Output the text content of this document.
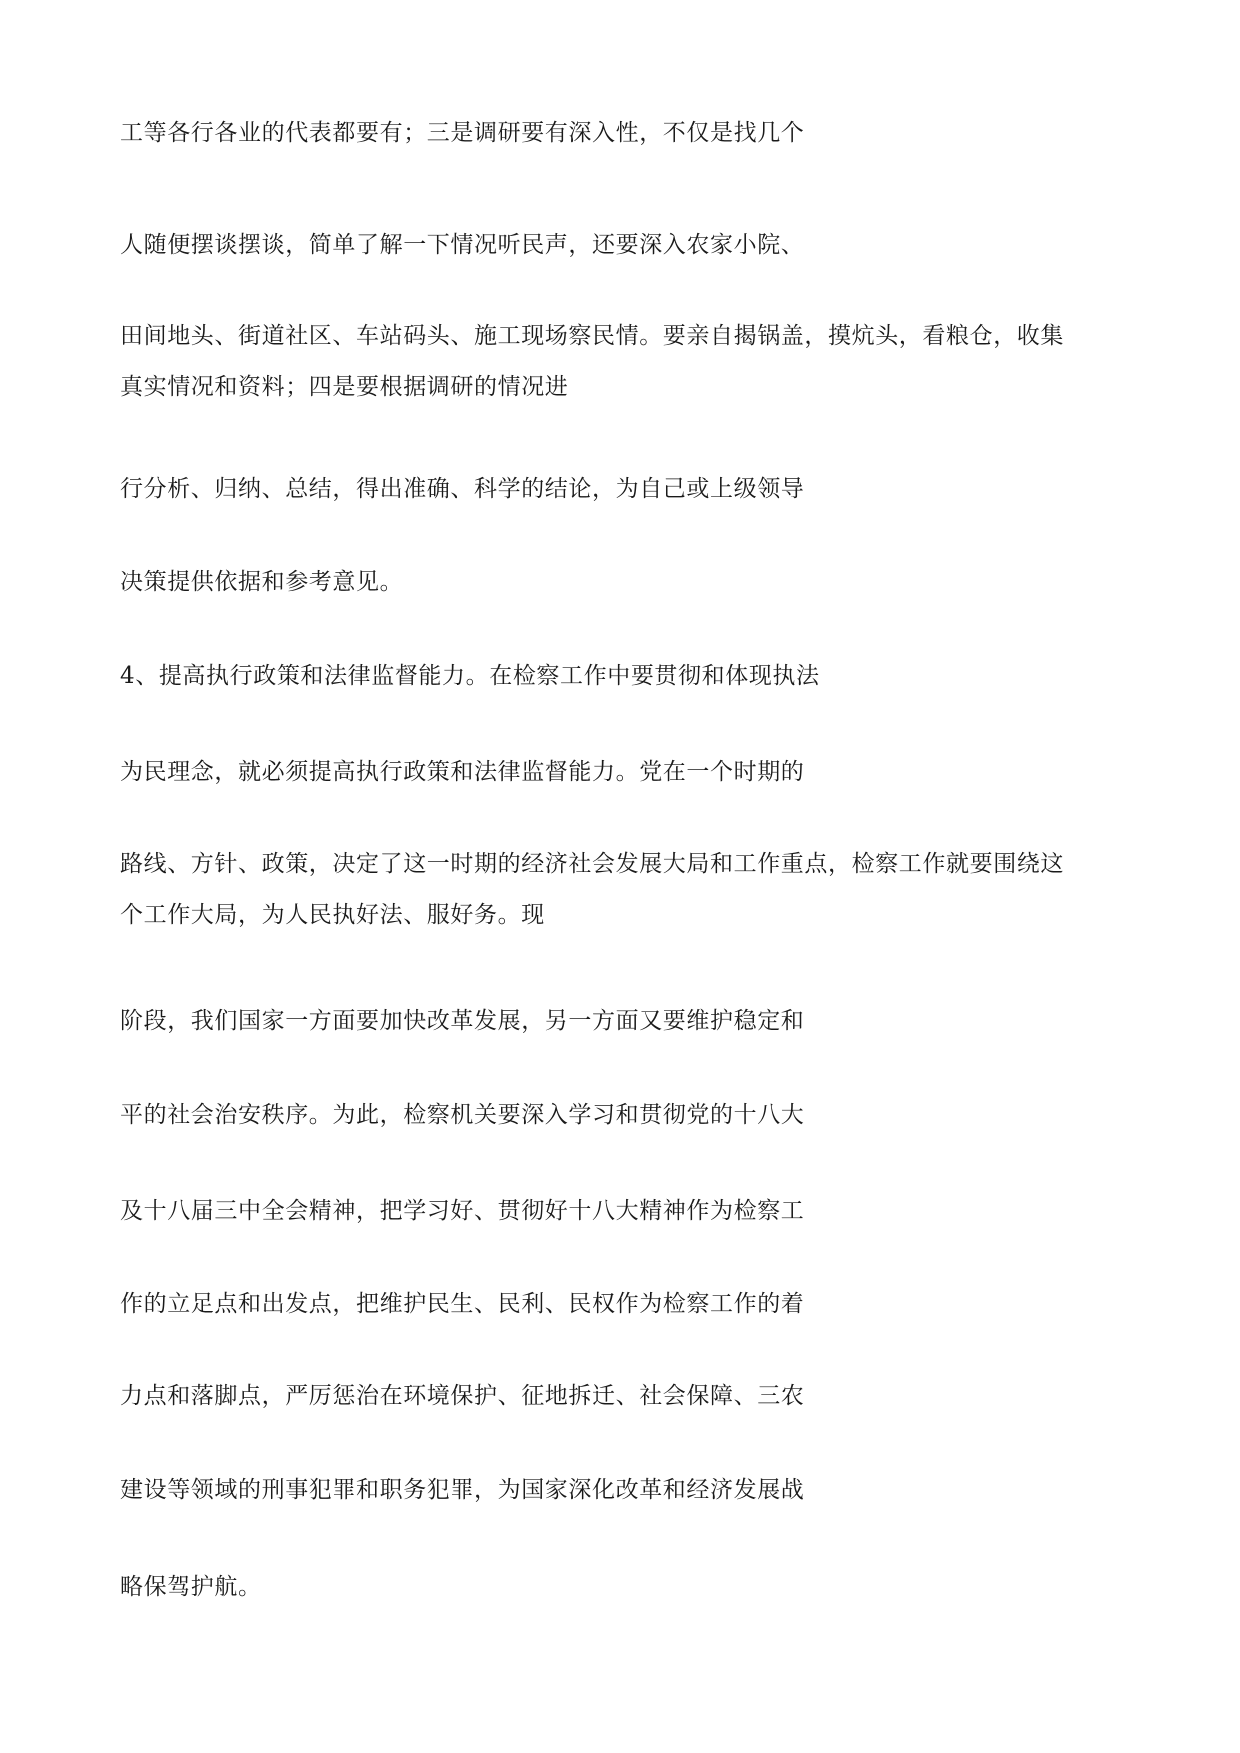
工等各行各业的代表都要有；三是调研要有深入性，不仅是找几个

人随便摆谈摆谈，简单了解一下情况听民声，还要深入农家小院、

田间地头、街道社区、车站码头、施工现场察民情。要亲自揭锅盖，摸炕头，看粮仓，收集

真实情况和资料；四是要根据调研的情况进

行分析、归纳、总结，得出准确、科学的结论，为自己或上级领导

决策提供依据和参考意见。

4、提高执行政策和法律监督能力。在检察工作中要贯彻和体现执法

为民理念，就必须提高执行政策和法律监督能力。党在一个时期的

路线、方针、政策，决定了这一时期的经济社会发展大局和工作重点，检察工作就要围绕这

个工作大局，为人民执好法、服好务。现

阶段，我们国家一方面要加快改革发展，另一方面又要维护稳定和

平的社会治安秩序。为此，检察机关要深入学习和贯彻党的十八大

及十八届三中全会精神，把学习好、贯彻好十八大精神作为检察工

作的立足点和出发点，把维护民生、民利、民权作为检察工作的着

力点和落脚点，严厉惩治在环境保护、征地拆迁、社会保障、三农

建设等领域的刑事犯罪和职务犯罪，为国家深化改革和经济发展战

略保驾护航。
